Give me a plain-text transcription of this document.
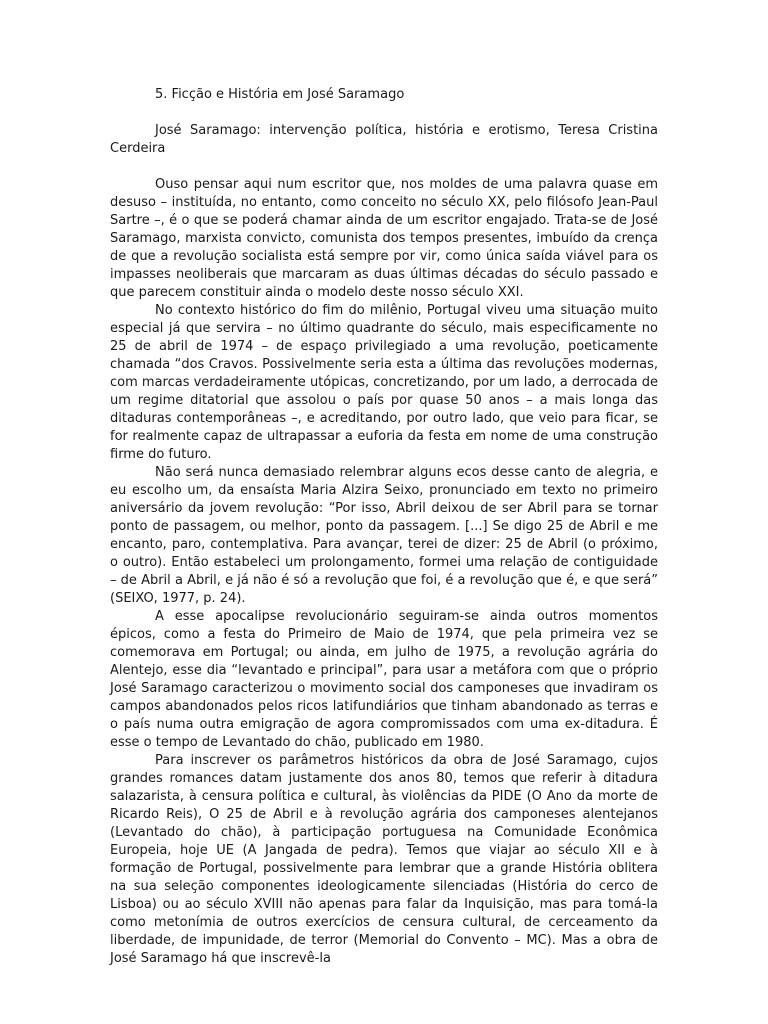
5. Ficção e História em José Saramago

José Saramago: intervenção política, história e erotismo, Teresa Cristina Cerdeira

Ouso pensar aqui num escritor que, nos moldes de uma palavra quase em desuso – instituída, no entanto, como conceito no século XX, pelo filósofo Jean-Paul Sartre –, é o que se poderá chamar ainda de um escritor engajado. Trata-se de José Saramago, marxista convicto, comunista dos tempos presentes, imbuído da crença de que a revolução socialista está sempre por vir, como única saída viável para os impasses neoliberais que marcaram as duas últimas décadas do século passado e que parecem constituir ainda o modelo deste nosso século XXI.

No contexto histórico do fim do milênio, Portugal viveu uma situação muito especial já que servira – no último quadrante do século, mais especificamente no 25 de abril de 1974 – de espaço privilegiado a uma revolução, poeticamente chamada “dos Cravos. Possivelmente seria esta a última das revoluções modernas, com marcas verdadeiramente utópicas, concretizando, por um lado, a derrocada de um regime ditatorial que assolou o país por quase 50 anos – a mais longa das ditaduras contemporâneas –, e acreditando, por outro lado, que veio para ficar, se for realmente capaz de ultrapassar a euforia da festa em nome de uma construção firme do futuro.

Não será nunca demasiado relembrar alguns ecos desse canto de alegria, e eu escolho um, da ensaísta Maria Alzira Seixo, pronunciado em texto no primeiro aniversário da jovem revolução: “Por isso, Abril deixou de ser Abril para se tornar ponto de passagem, ou melhor, ponto da passagem. [...] Se digo 25 de Abril e me encanto, paro, contemplativa. Para avançar, terei de dizer: 25 de Abril (o próximo, o outro). Então estabeleci um prolongamento, formei uma relação de contiguidade – de Abril a Abril, e já não é só a revolução que foi, é a revolução que é, e que será” (SEIXO, 1977, p. 24).

A esse apocalipse revolucionário seguiram-se ainda outros momentos épicos, como a festa do Primeiro de Maio de 1974, que pela primeira vez se comemorava em Portugal; ou ainda, em julho de 1975, a revolução agrária do Alentejo, esse dia “levantado e principal”, para usar a metáfora com que o próprio José Saramago caracterizou o movimento social dos camponeses que invadiram os campos abandonados pelos ricos latifundiários que tinham abandonado as terras e o país numa outra emigração de agora compromissados com uma ex-ditadura. É esse o tempo de Levantado do chão, publicado em 1980.

Para inscrever os parâmetros históricos da obra de José Saramago, cujos grandes romances datam justamente dos anos 80, temos que referir à ditadura salazarista, à censura política e cultural, às violências da PIDE (O Ano da morte de Ricardo Reis), O 25 de Abril e à revolução agrária dos camponeses alentejanos (Levantado do chão), à participação portuguesa na Comunidade Econômica Europeia, hoje UE (A Jangada de pedra). Temos que viajar ao século XII e à formação de Portugal, possivelmente para lembrar que a grande História oblitera na sua seleção componentes ideologicamente silenciadas (História do cerco de Lisboa) ou ao século XVIII não apenas para falar da Inquisição, mas para tomá-la como metonímia de outros exercícios de censura cultural, de cerceamento da liberdade, de impunidade, de terror (Memorial do Convento – MC). Mas a obra de José Saramago há que inscrevê-la
